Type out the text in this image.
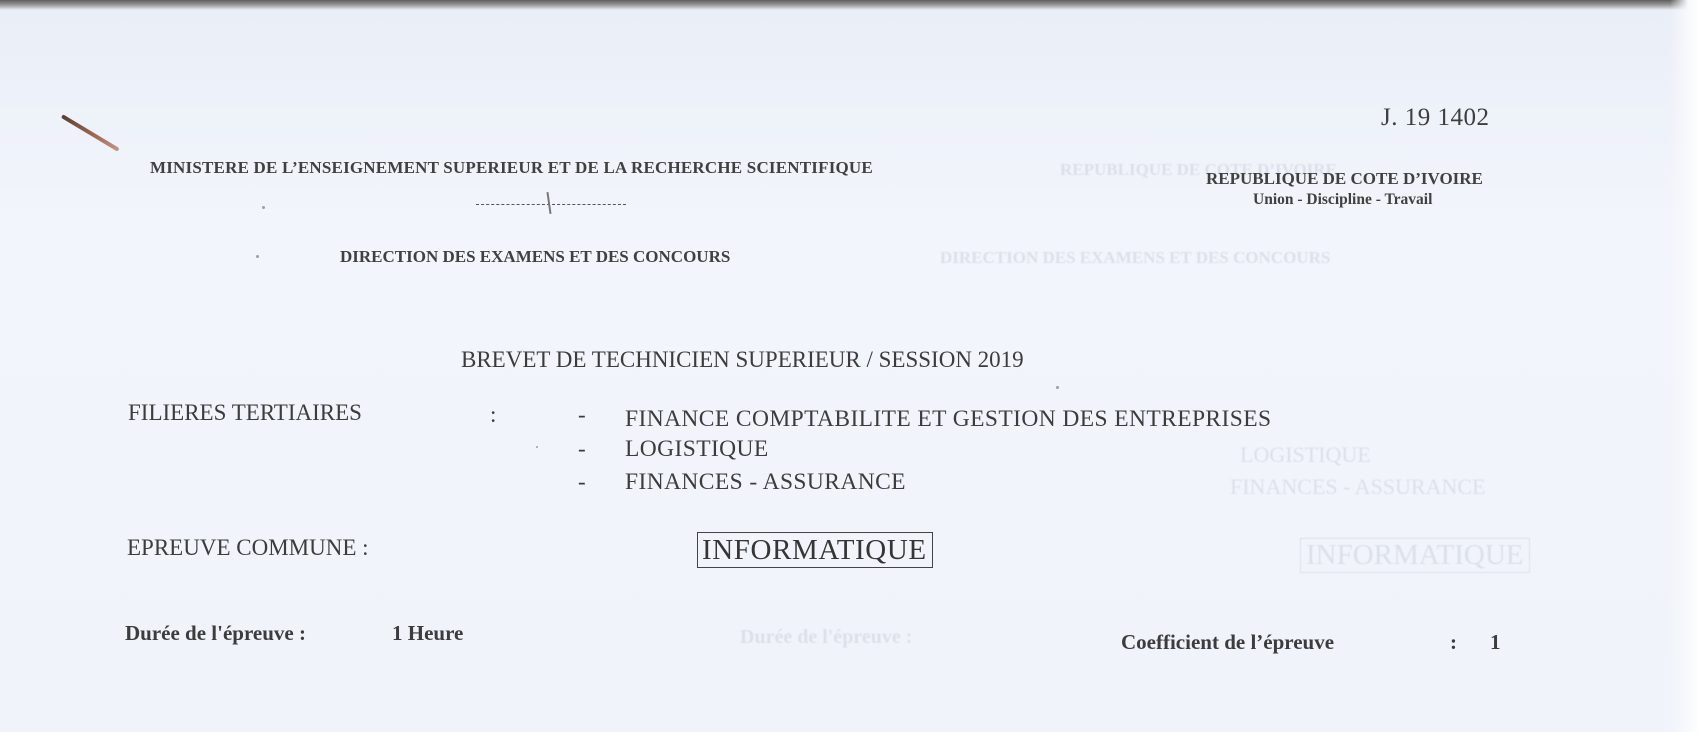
REPUBLIQUE DE COTE D’IVOIRE
DIRECTION DES EXAMENS ET DES CONCOURS
LOGISTIQUE
FINANCES - ASSURANCE
INFORMATIQUE
Durée de l'épreuve :
J. 19 1402
MINISTERE DE L’ENSEIGNEMENT SUPERIEUR ET DE LA RECHERCHE SCIENTIFIQUE
DIRECTION DES EXAMENS ET DES CONCOURS
REPUBLIQUE DE COTE D’IVOIRE
Union - Discipline - Travail
BREVET DE TECHNICIEN SUPERIEUR / SESSION 2019
FILIERES TERTIAIRES	:	- FINANCE COMPTABILITE ET GESTION DES ENTREPRISES
- LOGISTIQUE
- FINANCES - ASSURANCE
EPREUVE COMMUNE :	INFORMATIQUE
Durée de l'épreuve :	1 Heure	Coefficient de l’épreuve	: 1
